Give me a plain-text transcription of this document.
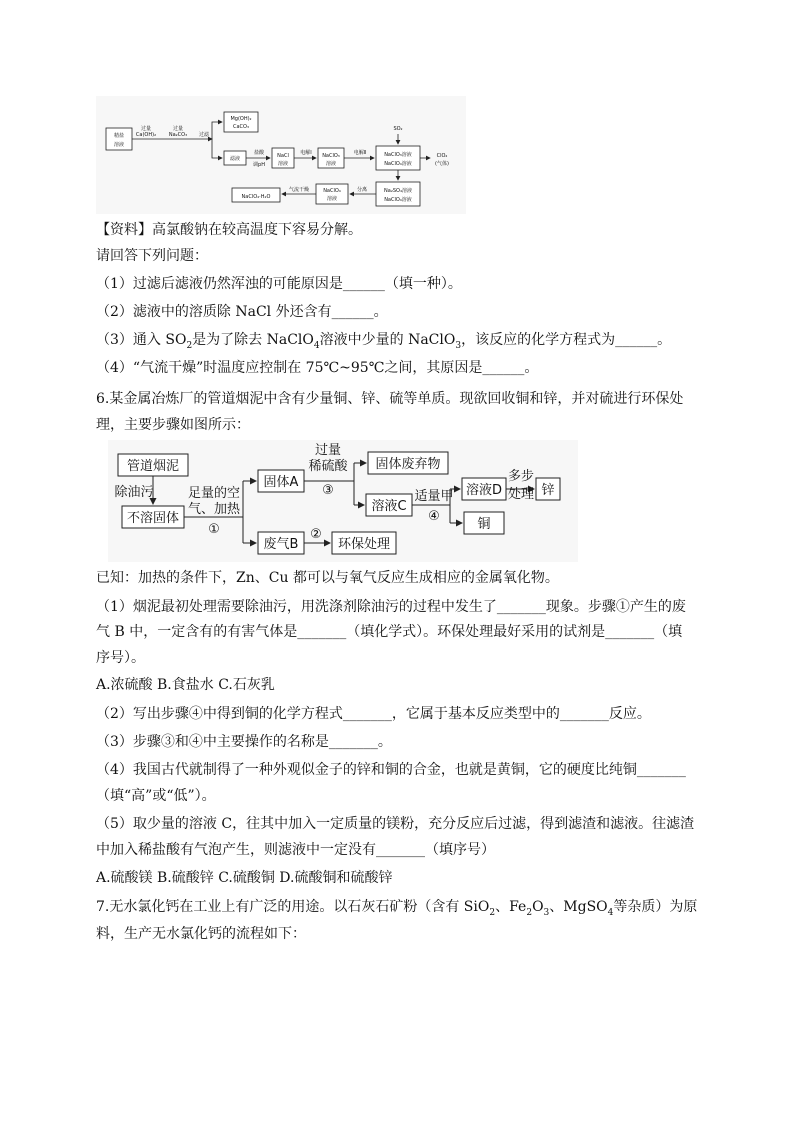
精盐
溶液
过量
Ca(OH)₂
过量
Na₂CO₃ 过滤
Mg(OH)₂
CaCO₃
滤液
盐酸
调pH
NaCl
溶液
电解Ⅰ NaClO₃
溶液
电解Ⅱ
SO₂
NaClO₃溶液
NaClO₄溶液
ClO₂
(气体)
Na₂SO₄溶液
NaClO₄溶液
分离
NaClO₄
溶液
气流干燥
NaClO₄·H₂O
【资料】高氯酸钠在较高温度下容易分解。
请回答下列问题：
（1）过滤后滤液仍然浑浊的可能原因是______（填一种）。
（2）滤液中的溶质除 NaCl 外还含有______。
（3）通入 $SO_2$是为了除去 NaClO$_4$溶液中少量的 NaClO$_3$，该反应的化学方程式为______。
（4）“气流干燥”时温度应控制在 75℃~95℃之间，其原因是______。
6.某金属冶炼厂的管道烟泥中含有少量铜、锌、硫等单质。现欲回收铜和锌，并对硫进行环保处
理，主要步骤如图所示：
管道烟泥
除油污
不溶固体
足量的空
气、加热
①
固体A
过量
稀硫酸
③
固体废弃物
溶液C
适量甲
④
溶液D
多步
处理 锌
铜
废气B
②
环保处理
已知：加热的条件下，Zn、Cu 都可以与氧气反应生成相应的金属氧化物。
（1）烟泥最初处理需要除油污，用洗涤剂除油污的过程中发生了_______现象。步骤①产生的废
气 B 中，一定含有的有害气体是_______（填化学式）。环保处理最好采用的试剂是_______（填
序号）。
A.浓硫酸 B.食盐水 C.石灰乳
（2）写出步骤④中得到铜的化学方程式_______，它属于基本反应类型中的_______反应。
（3）步骤③和④中主要操作的名称是_______。
（4）我国古代就制得了一种外观似金子的锌和铜的合金，也就是黄铜，它的硬度比纯铜_______
（填“高”或“低”）。
（5）取少量的溶液 C，往其中加入一定质量的镁粉，充分反应后过滤，得到滤渣和滤液。往滤渣
中加入稀盐酸有气泡产生，则滤液中一定没有_______（填序号）
A.硫酸镁 B.硫酸锌 C.硫酸铜 D.硫酸铜和硫酸锌
7.无水氯化钙在工业上有广泛的用途。以石灰石矿粉（含有 SiO$_2$、$Fe_2O_3$、MgSO$_4$等杂质）为原
料，生产无水氯化钙的流程如下：
